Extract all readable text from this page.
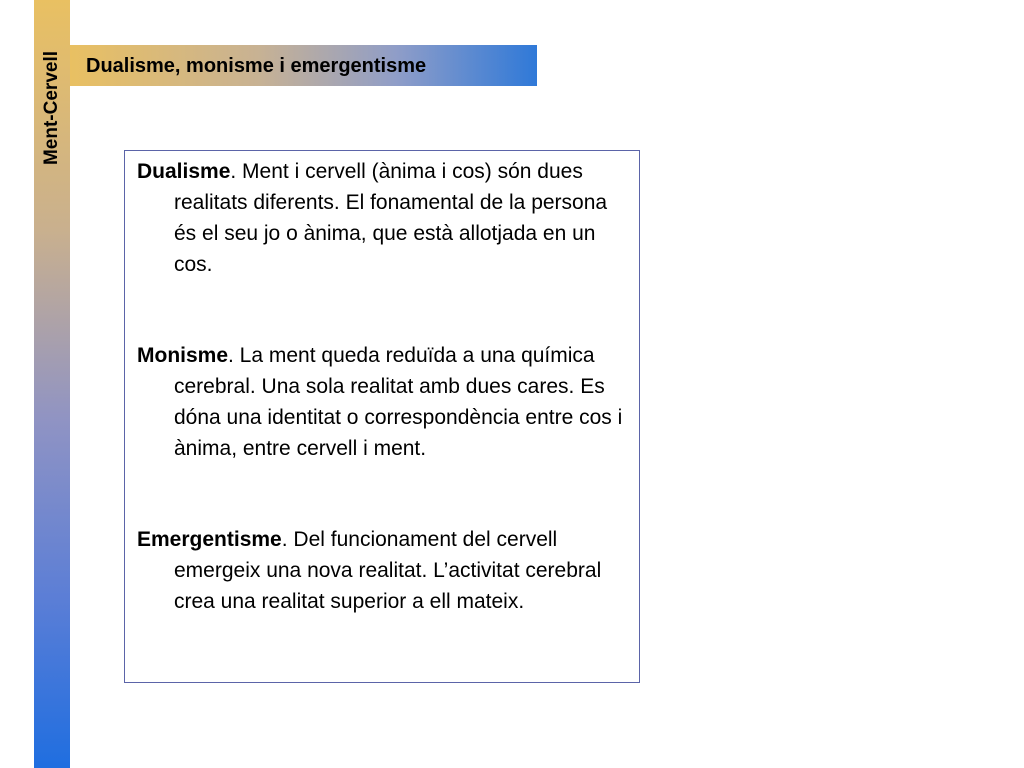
Ment-Cervell Dualisme, monisme i emergentisme

Dualisme. Ment i cervell (ànima i cos) són dues realitats diferents. El fonamental de la persona és el seu jo o ànima, que està allotjada en un cos.

Monisme. La ment queda reduïda a una química cerebral. Una sola realitat amb dues cares. Es dóna una identitat o correspondència entre cos i ànima, entre cervell i ment.

Emergentisme. Del funcionament del cervell emergeix una nova realitat. L’activitat cerebral crea una realitat superior a ell mateix.
